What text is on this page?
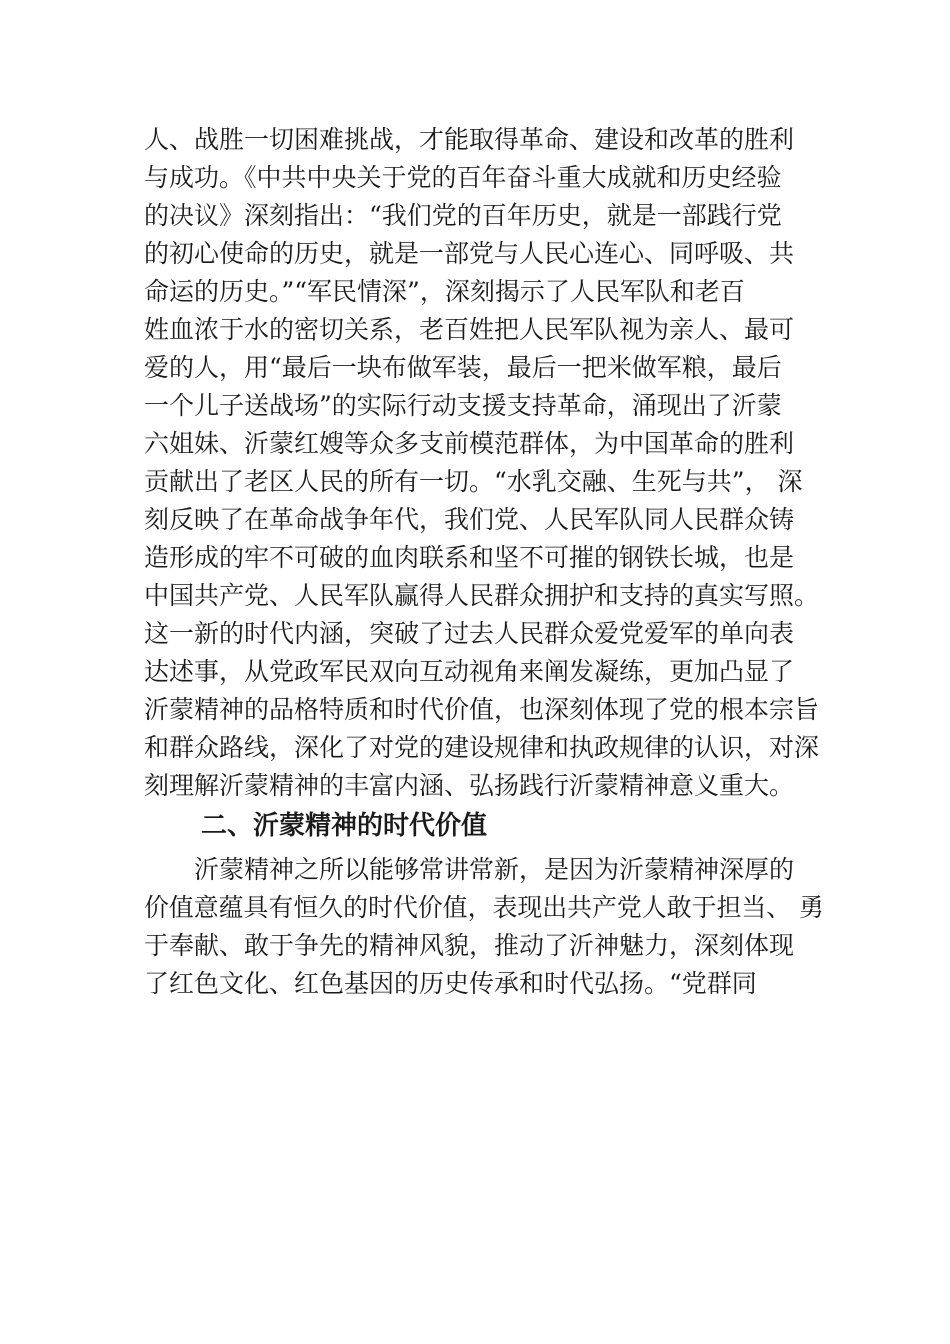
人、战胜一切困难挑战，才能取得革命、建设和改革的胜利
与成功。《中共中央关于党的百年奋斗重大成就和历史经验
的决议》深刻指出：“我们党的百年历史，就是一部践行党
的初心使命的历史，就是一部党与人民心连心、同呼吸、共
命运的历史。”“军民情深”，深刻揭示了人民军队和老百
姓血浓于水的密切关系，老百姓把人民军队视为亲人、最可
爱的人，用“最后一块布做军装，最后一把米做军粮，最后
一个儿子送战场”的实际行动支援支持革命，涌现出了沂蒙
六姐妹、沂蒙红嫂等众多支前模范群体，为中国革命的胜利
贡献出了老区人民的所有一切。“水乳交融、生死与共”， 深
刻反映了在革命战争年代，我们党、人民军队同人民群众铸
造形成的牢不可破的血肉联系和坚不可摧的钢铁长城，也是
中国共产党、人民军队赢得人民群众拥护和支持的真实写照。
这一新的时代内涵，突破了过去人民群众爱党爱军的单向表
达述事，从党政军民双向互动视角来阐发凝练，更加凸显了
沂蒙精神的品格特质和时代价值，也深刻体现了党的根本宗旨
和群众路线，深化了对党的建设规律和执政规律的认识，对深
刻理解沂蒙精神的丰富内涵、弘扬践行沂蒙精神意义重大。
二、沂蒙精神的时代价值
沂蒙精神之所以能够常讲常新，是因为沂蒙精神深厚的
价值意蕴具有恒久的时代价值，表现出共产党人敢于担当、 勇
于奉献、敢于争先的精神风貌，推动了沂神魅力，深刻体现
了红色文化、红色基因的历史传承和时代弘扬。“党群同
